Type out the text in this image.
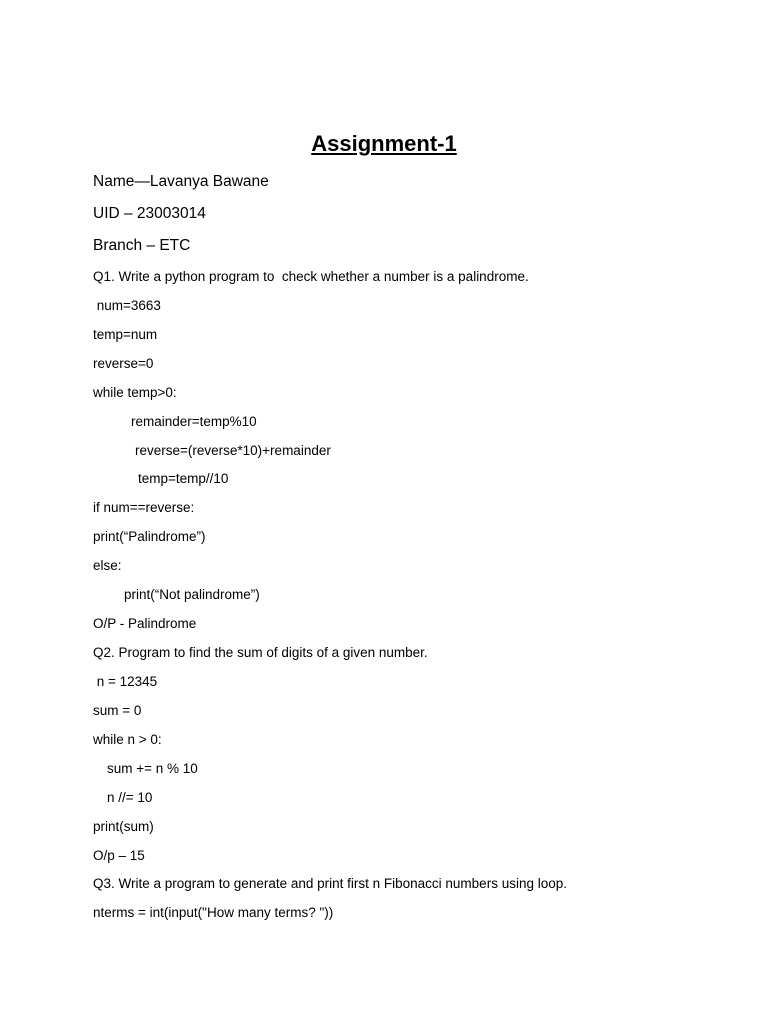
Assignment-1
Name—Lavanya Bawane
UID – 23003014
Branch – ETC
Q1. Write a python program to  check whether a number is a palindrome.
num=3663
temp=num
reverse=0
while temp>0:
remainder=temp%10
reverse=(reverse*10)+remainder
temp=temp//10
if num==reverse:
print(“Palindrome”)
else:
print(“Not palindrome”)
O/P - Palindrome
Q2. Program to find the sum of digits of a given number.
n = 12345
sum = 0
while n > 0:
sum += n % 10
n //= 10
print(sum)
O/p – 15
Q3. Write a program to generate and print first n Fibonacci numbers using loop.
nterms = int(input("How many terms? "))
